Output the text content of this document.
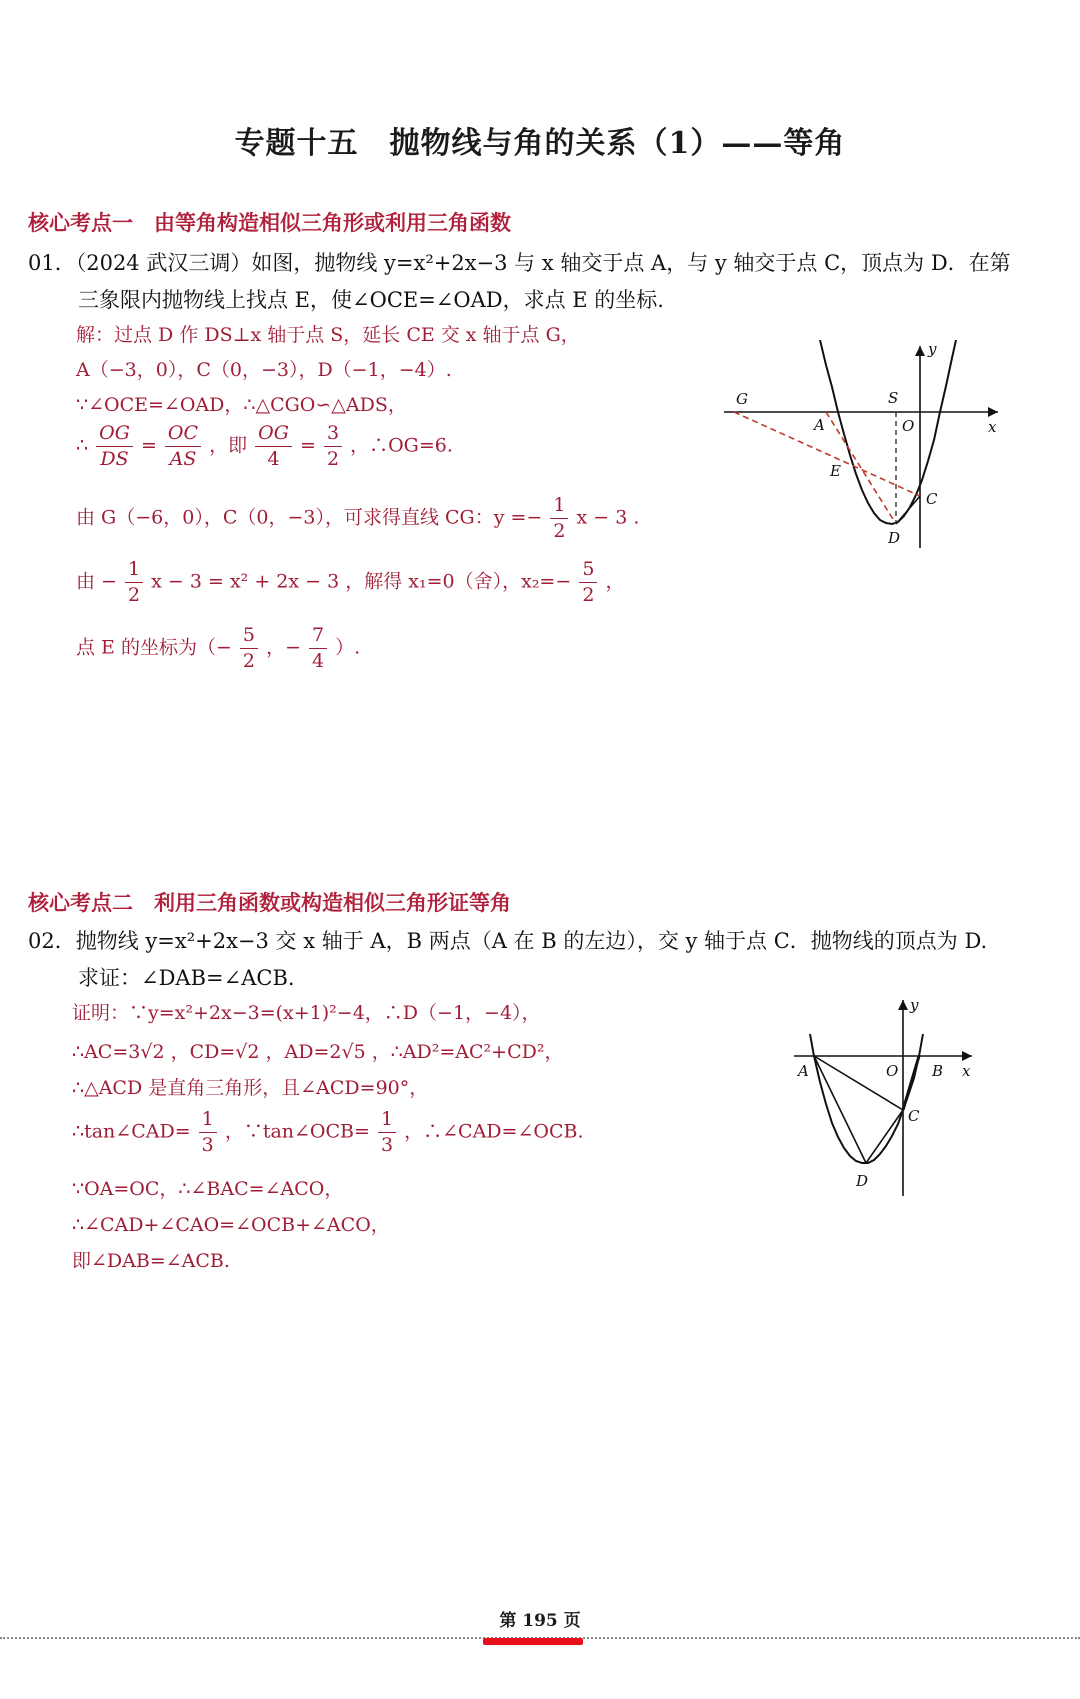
专题十五　抛物线与角的关系（1）——等角
核心考点一　由等角构造相似三角形或利用三角函数
01．（2024 武汉三调）如图，抛物线 y=x²+2x−3 与 x 轴交于点 A，与 y 轴交于点 C，顶点为 D．在第
三象限内抛物线上找点 E，使∠OCE=∠OAD，求点 E 的坐标.
解：过点 D 作 DS⊥x 轴于点 S，延长 CE 交 x 轴于点 G，
A（−3，0），C（0，−3），D（−1，−4）.
∵∠OCE=∠OAD，∴△CGO∽△ADS，
∴ $\frac{OG}{DS} = \frac{OC}{AS}$ ，即 $\frac{OG}{4} = \frac{3}{2}$ ，∴OG=6.
由 G（−6，0），C（0，−3），可求得直线 CG：$y =- \frac{1}{2}$ x − 3 .
由 − $\frac{1}{2}$ x − 3 = x² + 2x − 3 ，解得 x₁=0（舍），$x_2=- \frac{5}{2}$ ，
点 E 的坐标为（− $\frac{5}{2}$ ，− $\frac{7}{4}$ ）.
y
x
G	S
A	O
E
C
D
核心考点二　利用三角函数或构造相似三角形证等角
02．抛物线 y=x²+2x−3 交 x 轴于 A，B 两点（A 在 B 的左边），交 y 轴于点 C．抛物线的顶点为 D.
求证：∠DAB=∠ACB.
证明：∵y=x²+2x−3=(x+1)²−4，∴D（−1，−4），
∴AC=3√2 ，CD=√2 ，AD=2√5 ，∴AD²=AC²+CD²，
∴△ACD 是直角三角形，且∠ACD=90°，
∴tan∠CAD= $\frac{1}{3}$ ，∵tan∠OCB= $\frac{1}{3}$ ，∴∠CAD=∠OCB.
∵OA=OC，∴∠BAC=∠ACO，
∴∠CAD+∠CAO=∠OCB+∠ACO，
即∠DAB=∠ACB.
y
x
A	O B
C
D
第 195 页
